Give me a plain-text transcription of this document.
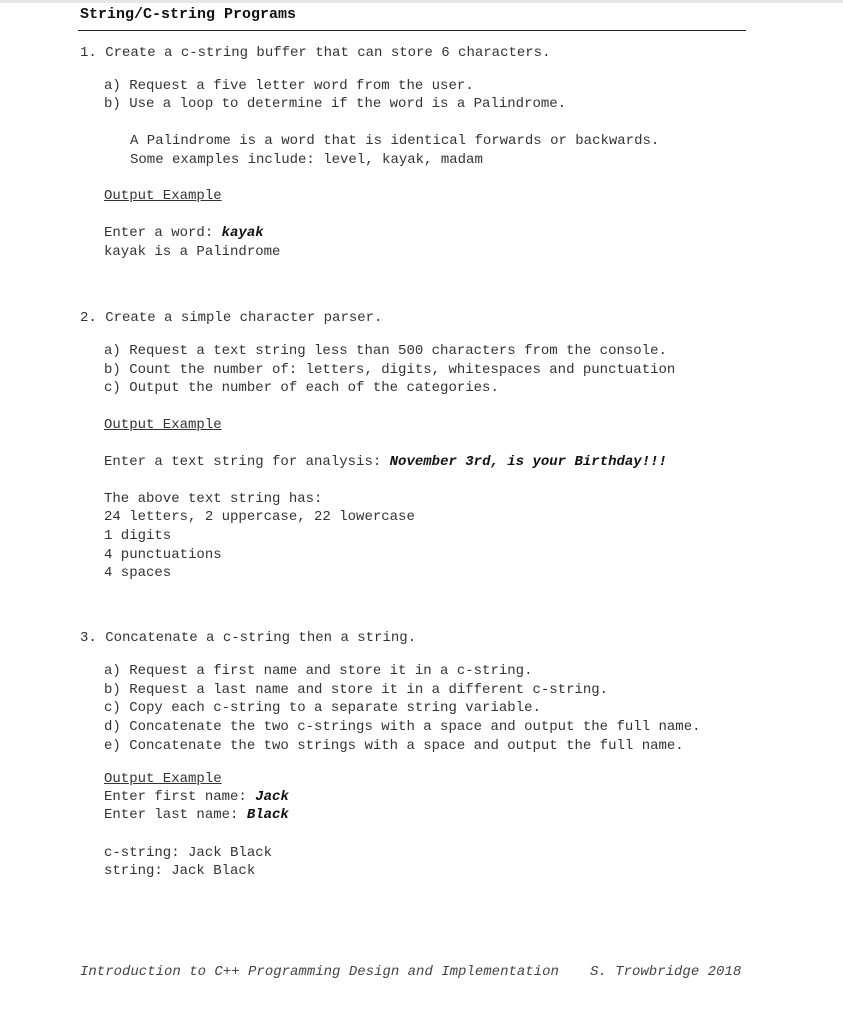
String/C-string Programs
1. Create a c-string buffer that can store 6 characters.
a) Request a five letter word from the user.
b) Use a loop to determine if the word is a Palindrome.
A Palindrome is a word that is identical forwards or backwards.
Some examples include: level, kayak, madam
Output Example
Enter a word: kayak
kayak is a Palindrome
2. Create a simple character parser.
a) Request a text string less than 500 characters from the console.
b) Count the number of: letters, digits, whitespaces and punctuation
c) Output the number of each of the categories.
Output Example
Enter a text string for analysis: November 3rd, is your Birthday!!!
The above text string has:
24 letters, 2 uppercase, 22 lowercase
1 digits
4 punctuations
4 spaces
3. Concatenate a c-string then a string.
a) Request a first name and store it in a c-string.
b) Request a last name and store it in a different c-string.
c) Copy each c-string to a separate string variable.
d) Concatenate the two c-strings with a space and output the full name.
e) Concatenate the two strings with a space and output the full name.
Output Example
Enter first name: Jack
Enter last name: Black
c-string: Jack Black
string: Jack Black
Introduction to C++ Programming Design and Implementation S. Trowbridge 2018
